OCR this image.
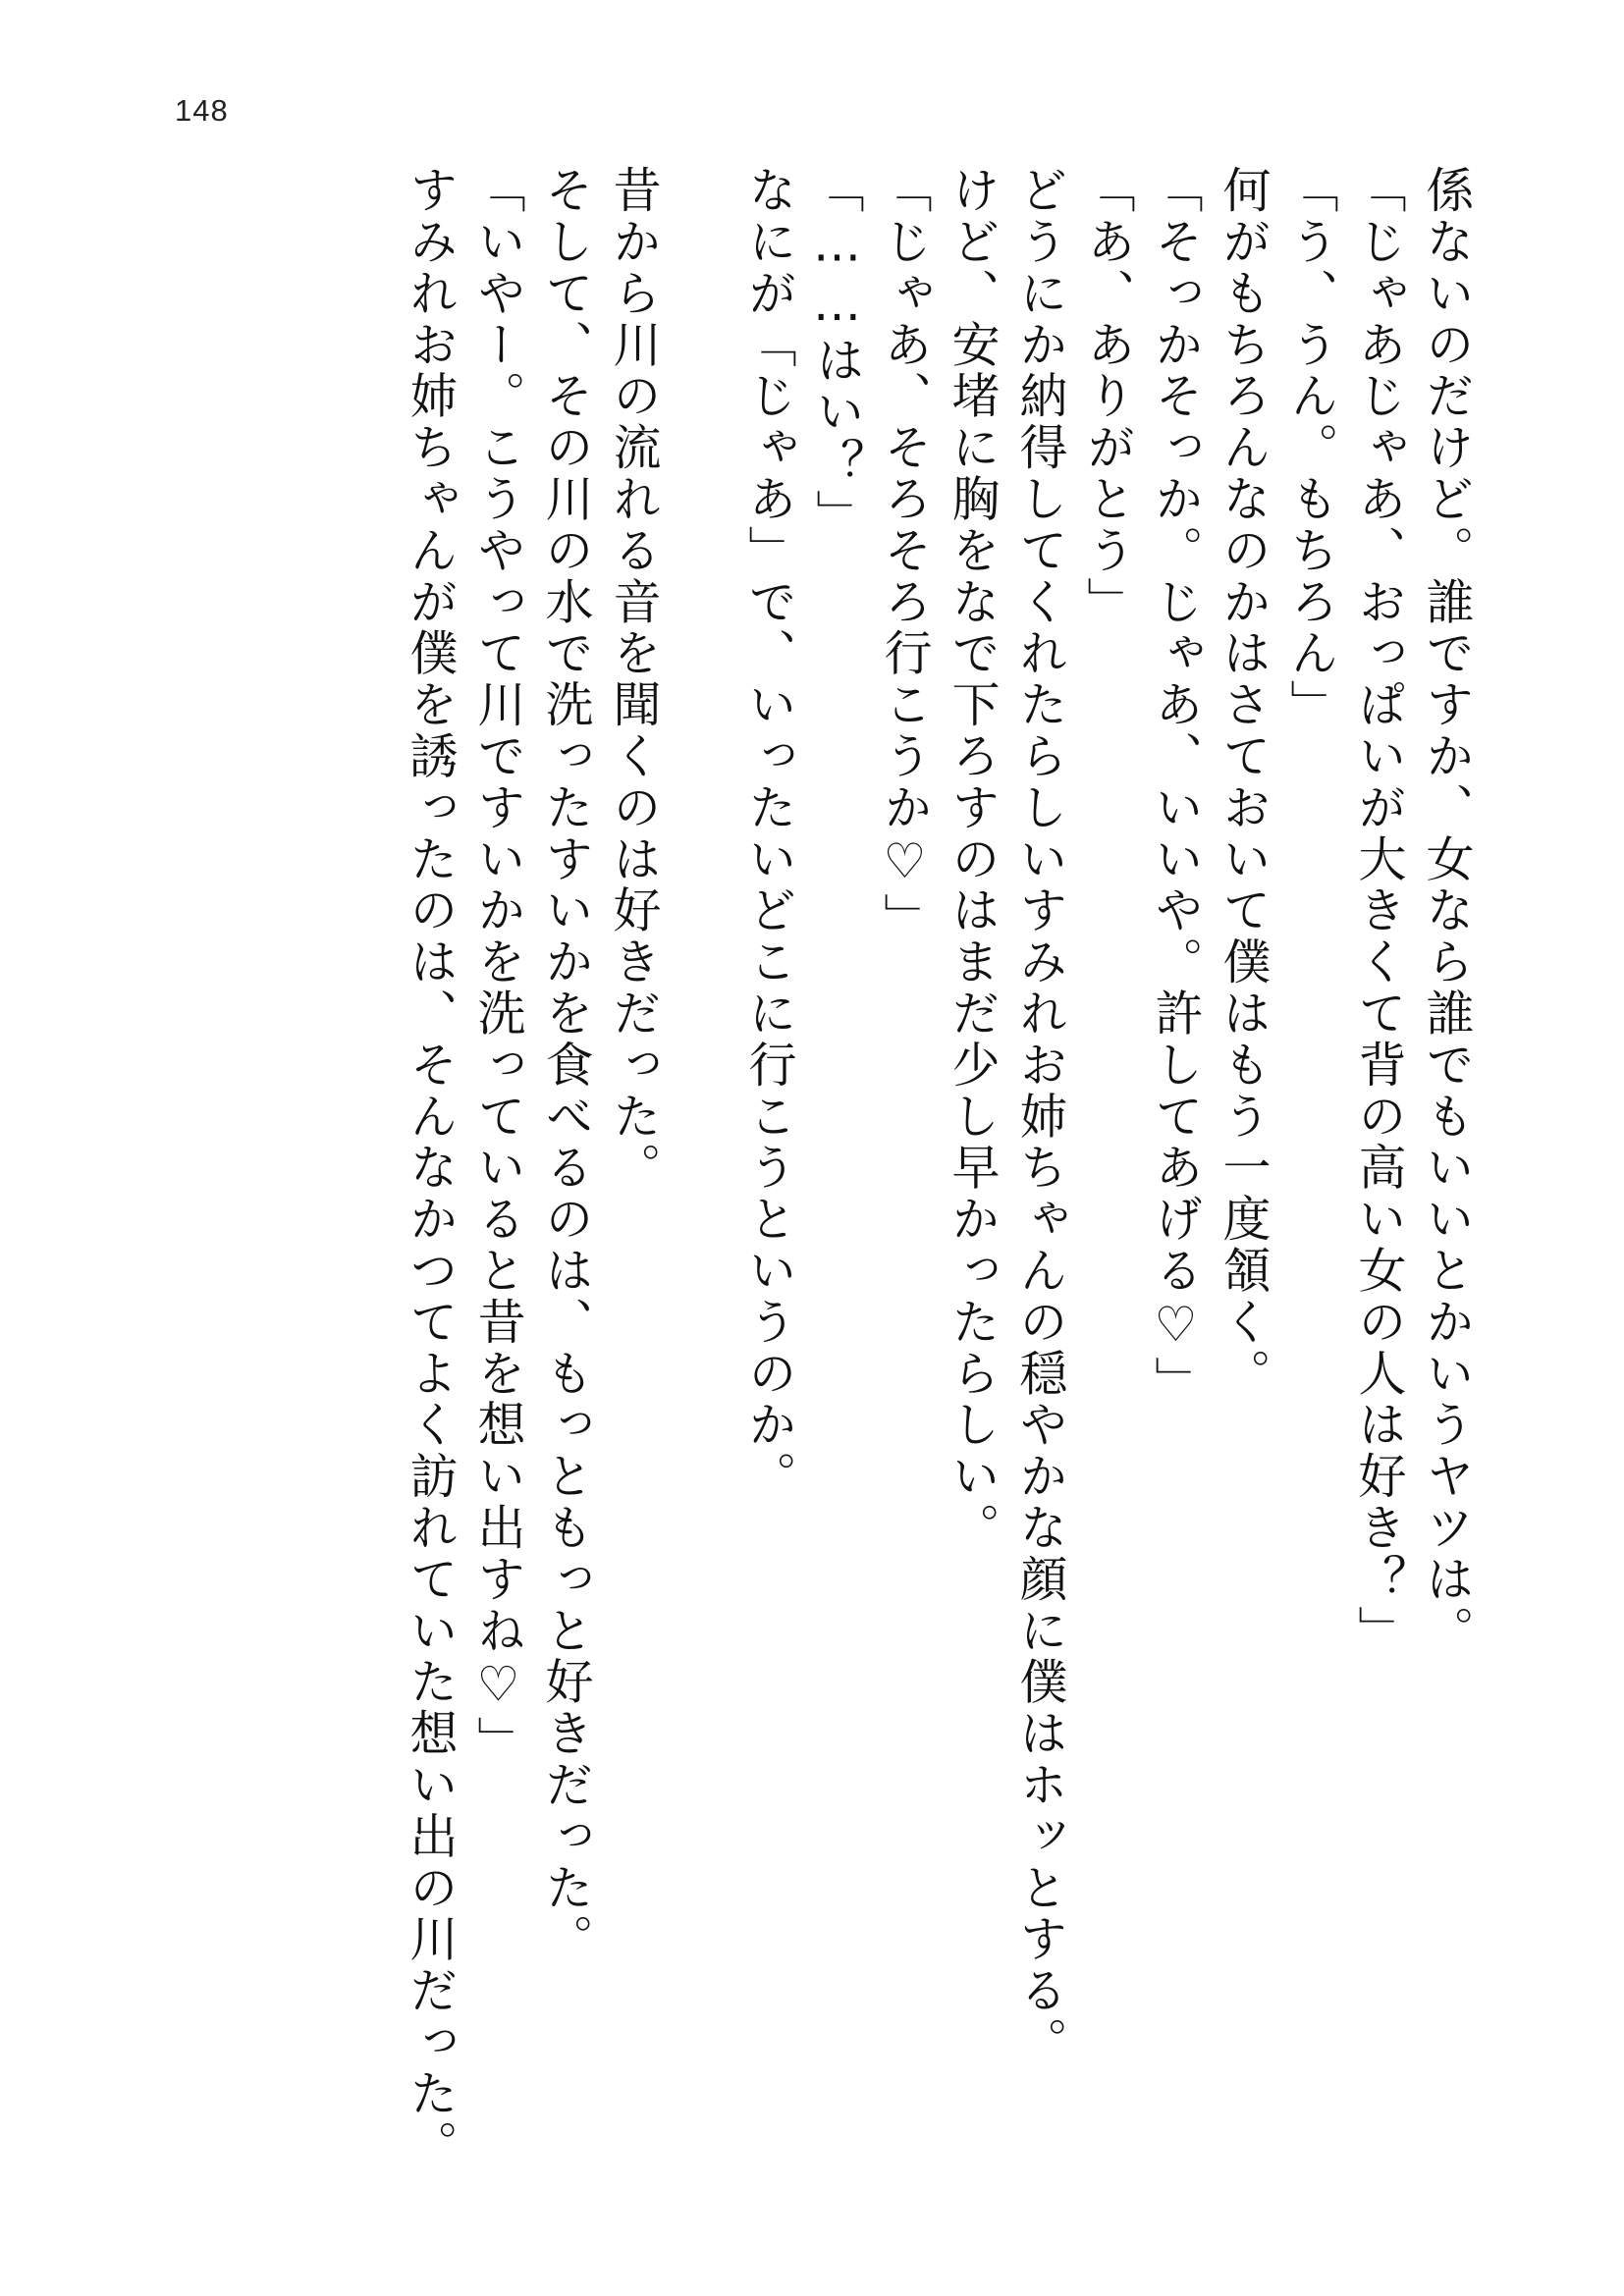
148
係ないのだけど。誰ですか、女なら誰でもいいとかいうヤツは。
「じゃあじゃあ、おっぱいが大きくて背の高い女の人は好き？」
「う、うん。もちろん」
何がもちろんなのかはさておいて僕はもう一度頷く。
「そっかそっか。じゃあ、いいや。許してあげる♡」
「あ、ありがとう」
どうにか納得してくれたらしいすみれお姉ちゃんの穏やかな顔に僕はホッとする。
けど、安堵に胸をなで下ろすのはまだ少し早かったらしい。
「じゃあ、そろそろ行こうか♡」
「……はい？」
なにが「じゃあ」で、いったいどこに行こうというのか。
昔から川の流れる音を聞くのは好きだった。
そして、その川の水で洗ったすいかを食べるのは、もっともっと好きだった。
「いやー。こうやって川ですいかを洗っていると昔を想い出すね♡」
すみれお姉ちゃんが僕を誘ったのは、そんなかつてよく訪れていた想い出の川だった。
